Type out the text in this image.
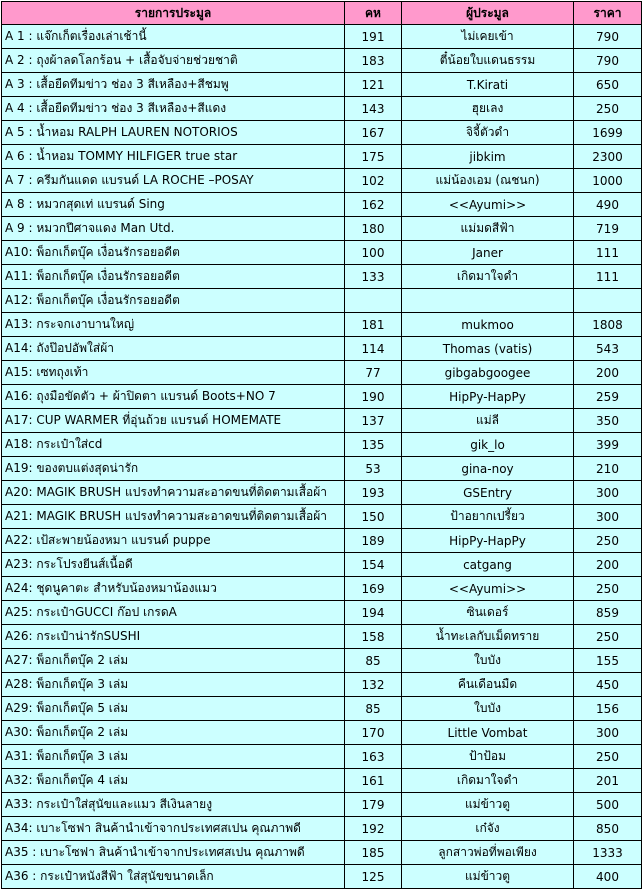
รายการประมูล	คห	ผู้ประมูล	ราคา
A 1 : แจ๊กเก็ตเรื่องเล่าเช้านี้	191	ไม่เคยเข้า	790
A 2 : ถุงผ้าลดโลกร้อน + เสื้อจับจ่ายช่วยชาติ	183	ตี๋น้อยใบแดนธรรม	790
A 3 : เสื้อยืดทีมข่าว ช่อง 3 สีเหลือง+สีชมพู	121	T.Kirati	650
A 4 : เสื้อยืดทีมข่าว ช่อง 3 สีเหลือง+สีแดง	143	ฮุยเลง	250
A 5 : น้ำหอม RALPH LAUREN NOTORIOS	167	จิจี้ตัวดำ	1699
A 6 : น้ำหอม TOMMY HILFIGER true star	175	jibkim	2300
A 7 : ครีมกันแดด แบรนด์ LA ROCHE –POSAY	102	แม่น้องเอม (ณชนก)	1000
A 8 : หมวกสุดเท่ แบรนด์ Sing	162	<<Ayumi>>	490
A 9 : หมวกปีศาจแดง Man Utd.	180	แม่มดสีฟ้า	719
A10: พ็อกเก็ตบุ๊ค เงื่อนรักรอยอดีต	100	Janer	111
A11: พ็อกเก็ตบุ๊ค เงื่อนรักรอยอดีต	133	เกิดมาใจดำ	111
A12: พ็อกเก็ตบุ๊ค เงื่อนรักรอยอดีต			
A13: กระจกเงาบานใหญ่	181	mukmoo	1808
A14: ถังป๊อปอัพใส่ผ้า	114	Thomas (vatis)	543
A15: เซทถุงเท้า	77	gibgabgoogee	200
A16: ถุงมือขัดตัว + ผ้าปิดตา แบรนด์ Boots+NO 7	190	HipPy-HapPy	259
A17: CUP WARMER ที่อุ่นถ้วย แบรนด์ HOMEMATE	137	แม่ลี	350
A18: กระเป๋าใส่cd	135	gik_lo	399
A19: ของตบแต่งสุดน่ารัก	53	gina-noy	210
A20: MAGIK BRUSH แปรงทำความสะอาดขนที่ติดตามเสื้อผ้า	193	GSEntry	300
A21: MAGIK BRUSH แปรงทำความสะอาดขนที่ติดตามเสื้อผ้า	150	ป้าอยากเปรี้ยว	300
A22: เป้สะพายน้องหมา แบรนด์ puppe	189	HipPy-HapPy	250
A23: กระโปรงยีนส์เนื้อดี	154	catgang	200
A24: ชุดนูคาตะ สำหรับน้องหมาน้องแมว	169	<<Ayumi>>	250
A25: กระเป๋าGUCCI ก๊อป เกรดA	194	ซินเดอร์	859
A26: กระเป๋าน่ารักSUSHI	158	น้ำทะเลกับเม็ดทราย	250
A27: พ็อกเก็ตบุ๊ค 2 เล่ม	85	ใบบัง	155
A28: พ็อกเก็ตบุ๊ค 3 เล่ม	132	คืนเดือนมืด	450
A29: พ็อกเก็ตบุ๊ค 5 เล่ม	85	ใบบัง	156
A30: พ็อกเก็ตบุ๊ค 2 เล่ม	170	Little Vombat	300
A31: พ็อกเก็ตบุ๊ค 3 เล่ม	163	ป้าป้อม	250
A32: พ็อกเก็ตบุ๊ค 4 เล่ม	161	เกิดมาใจดำ	201
A33: กระเป๋าใส่สุนัขและแมว สีเงินลายงู	179	แม่ข้าวตู	500
A34: เบาะโซฟา สินค้านำเข้าจากประเทศสเปน คุณภาพดี	192	เก๋จัง	850
A35 : เบาะโซฟา สินค้านำเข้าจากประเทศสเปน คุณภาพดี	185	ลูกสาวพ่อที่พอเพียง	1333
A36 : กระเป๋าหนังสีฟ้า ใส่สุนัขขนาดเล็ก	125	แม่ข้าวตู	400
